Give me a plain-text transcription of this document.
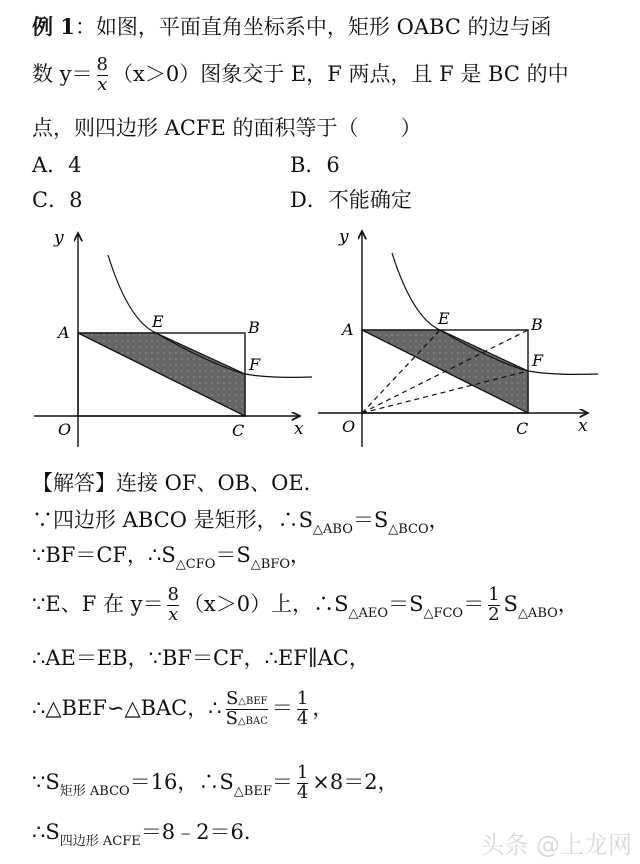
例 1：如图，平面直角坐标系中，矩形 OABC 的边与函
数 $y= \frac{8}{x} (x>0)$图象交于 E，F 两点，且 F 是 BC 的中
点，则四边形 ACFE 的面积等于（　　）
A．4	B．6
C．8	D．不能确定
y
x
A
E	B
F
O	C
y
x
A
E	B
F
O	C
【解答】连接 OF、OB、OE．
∵四边形 ABCO 是矩形，$\therefore S_{\triangle ABO}=S_{\triangle BCO}$，
∵BF＝CF，$\therefore S_{\triangle CFO}=S_{\triangle BFO}$，
∵E、F 在 $y= \frac{8}{x} (x>0)$上，$\therefore S_{\triangle AEO}=S_{\triangle FCO}= \frac{1}{2} S_{\triangle ABO}$，
∴AE＝EB，∵BF＝CF，∴EF∥AC，
∴△BEF∽△BAC，∴ $\frac{\text{S△BEF}}{\text{S△BAC}} = \frac{1}{4}$ ，
$\because S_{矩形 ABCO}=16$，$\therefore S_{\triangle BEF}= \frac{1}{4} \times 8=2$，
$\therefore S_{四边形 ACFE}=8﹣2=6$.	头条 @上龙网
